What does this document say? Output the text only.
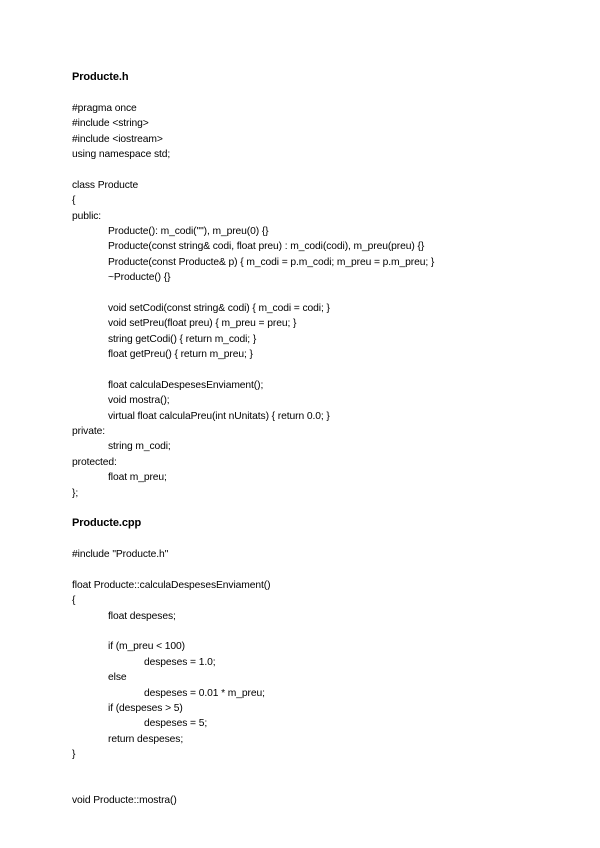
Producte.h
#pragma once
#include <string>
#include <iostream>
using namespace std;
class Producte
{
public:
Producte(): m_codi(""), m_preu(0) {}
Producte(const string& codi, float preu) : m_codi(codi), m_preu(preu) {}
Producte(const Producte& p) { m_codi = p.m_codi; m_preu = p.m_preu; }
~Producte() {}
void setCodi(const string& codi) { m_codi = codi; }
void setPreu(float preu) { m_preu = preu; }
string getCodi() { return m_codi; }
float getPreu() { return m_preu; }
float calculaDespesesEnviament();
void mostra();
virtual float calculaPreu(int nUnitats) { return 0.0; }
private:
string m_codi;
protected:
float m_preu;
};
Producte.cpp
#include "Producte.h"
float Producte::calculaDespesesEnviament()
{
float despeses;
if (m_preu < 100)
despeses = 1.0;
else
despeses = 0.01 * m_preu;
if (despeses > 5)
despeses = 5;
return despeses;
}
void Producte::mostra()
